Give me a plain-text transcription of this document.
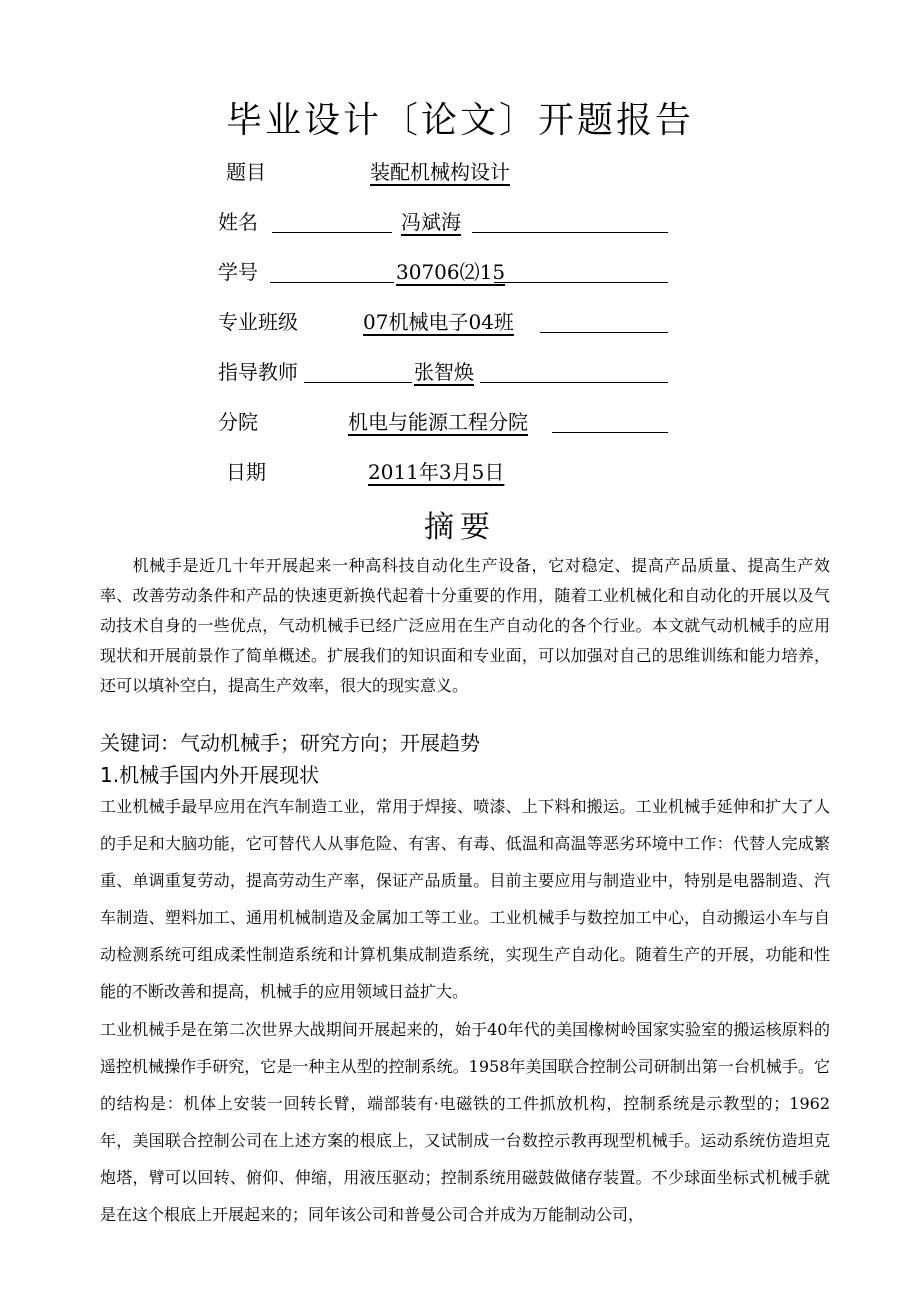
毕业设计〔论文〕开题报告
题目	装配机械构设计
姓名	冯斌海
学号	30706⑵15
专业班级	07机械电子04班
指导教师	张智焕
分院	机电与能源工程分院
日期	2011年3月5日
摘要
机械手是近几十年开展起来一种高科技自动化生产设备，它对稳定、提高产品质量、提高生产效率、改善劳动条件和产品的快速更新换代起着十分重要的作用，随着工业机械化和自动化的开展以及气动技术自身的一些优点，气动机械手已经广泛应用在生产自动化的各个行业。本文就气动机械手的应用现状和开展前景作了简单概述。扩展我们的知识面和专业面，可以加强对自己的思维训练和能力培养，还可以填补空白，提高生产效率，很大的现实意义。
关键词：气动机械手；研究方向；开展趋势
1.机械手国内外开展现状
工业机械手最早应用在汽车制造工业，常用于焊接、喷漆、上下料和搬运。工业机械手延伸和扩大了人的手足和大脑功能，它可替代人从事危险、有害、有毒、低温和高温等恶劣环境中工作：代替人完成繁重、单调重复劳动，提高劳动生产率，保证产品质量。目前主要应用与制造业中，特别是电器制造、汽车制造、塑料加工、通用机械制造及金属加工等工业。工业机械手与数控加工中心，自动搬运小车与自动检测系统可组成柔性制造系统和计算机集成制造系统，实现生产自动化。随着生产的开展，功能和性能的不断改善和提高，机械手的应用领域日益扩大。
工业机械手是在第二次世界大战期间开展起来的，始于40年代的美国橡树岭国家实验室的搬运核原料的遥控机械操作手研究，它是一种主从型的控制系统。1958年美国联合控制公司研制出第一台机械手。它的结构是：机体上安装一回转长臂，端部装有·电磁铁的工件抓放机构，控制系统是示教型的；1962年，美国联合控制公司在上述方案的根底上，又试制成一台数控示教再现型机械手。运动系统仿造坦克炮塔，臂可以回转、俯仰、伸缩，用液压驱动；控制系统用磁鼓做储存装置。不少球面坐标式机械手就是在这个根底上开展起来的；同年该公司和普曼公司合并成为万能制动公司，
